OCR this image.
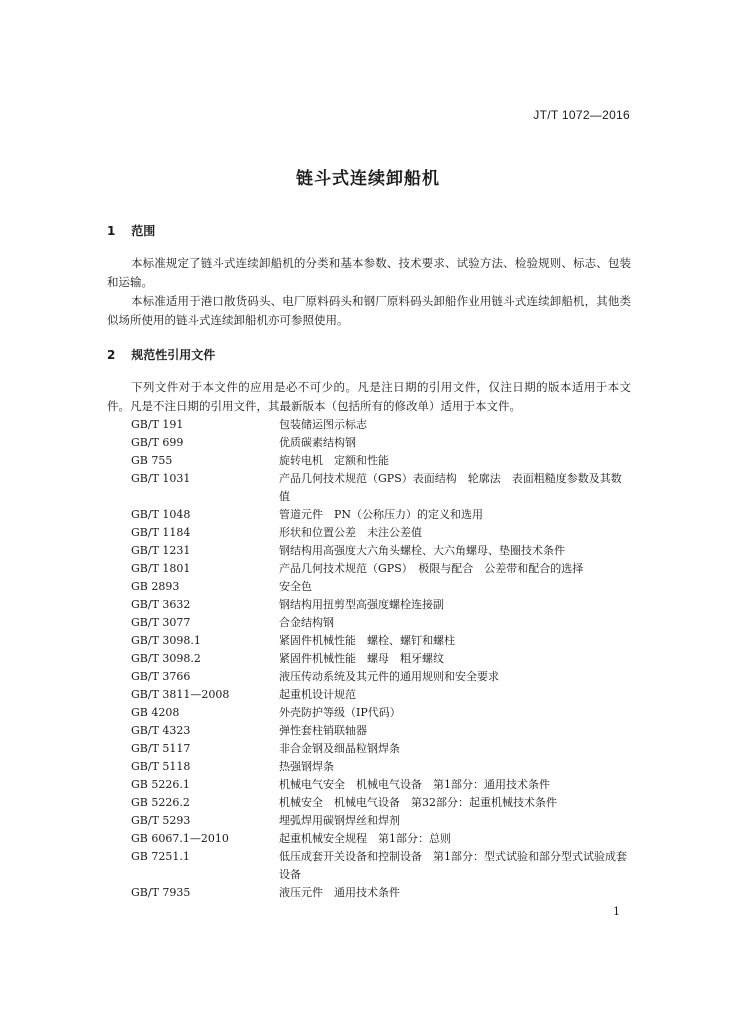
JT/T 1072—2016
链斗式连续卸船机
1 范围

本标准规定了链斗式连续卸船机的分类和基本参数、技术要求、试验方法、检验规则、标志、包装和运输。

本标准适用于港口散货码头、电厂原料码头和钢厂原料码头卸船作业用链斗式连续卸船机，其他类似场所使用的链斗式连续卸船机亦可参照使用。

2 规范性引用文件

下列文件对于本文件的应用是必不可少的。凡是注日期的引用文件，仅注日期的版本适用于本文件。凡是不注日期的引用文件，其最新版本（包括所有的修改单）适用于本文件。

GB/T 191	包装储运图示标志
GB/T 699	优质碳素结构钢
GB 755	旋转电机　定额和性能
GB/T 1031	产品几何技术规范（GPS）表面结构　轮廓法　表面粗糙度参数及其数值
GB/T 1048	管道元件　PN（公称压力）的定义和选用
GB/T 1184	形状和位置公差　未注公差值
GB/T 1231	钢结构用高强度大六角头螺栓、大六角螺母、垫圈技术条件
GB/T 1801	产品几何技术规范（GPS）　极限与配合　公差带和配合的选择
GB 2893	安全色
GB/T 3632	钢结构用扭剪型高强度螺栓连接副
GB/T 3077	合金结构钢
GB/T 3098.1	紧固件机械性能　螺栓、螺钉和螺柱
GB/T 3098.2	紧固件机械性能　螺母　粗牙螺纹
GB/T 3766	液压传动系统及其元件的通用规则和安全要求
GB/T 3811—2008	起重机设计规范
GB 4208	外壳防护等级（IP代码）
GB/T 4323	弹性套柱销联轴器
GB/T 5117	非合金钢及细晶粒钢焊条
GB/T 5118	热强钢焊条
GB 5226.1	机械电气安全　机械电气设备　第1部分：通用技术条件
GB 5226.2	机械安全　机械电气设备　第32部分：起重机械技术条件
GB/T 5293	埋弧焊用碳钢焊丝和焊剂
GB 6067.1—2010	起重机械安全规程　第1部分：总则
GB 7251.1	低压成套开关设备和控制设备　第1部分：型式试验和部分型式试验成套设备
GB/T 7935	液压元件　通用技术条件
1
